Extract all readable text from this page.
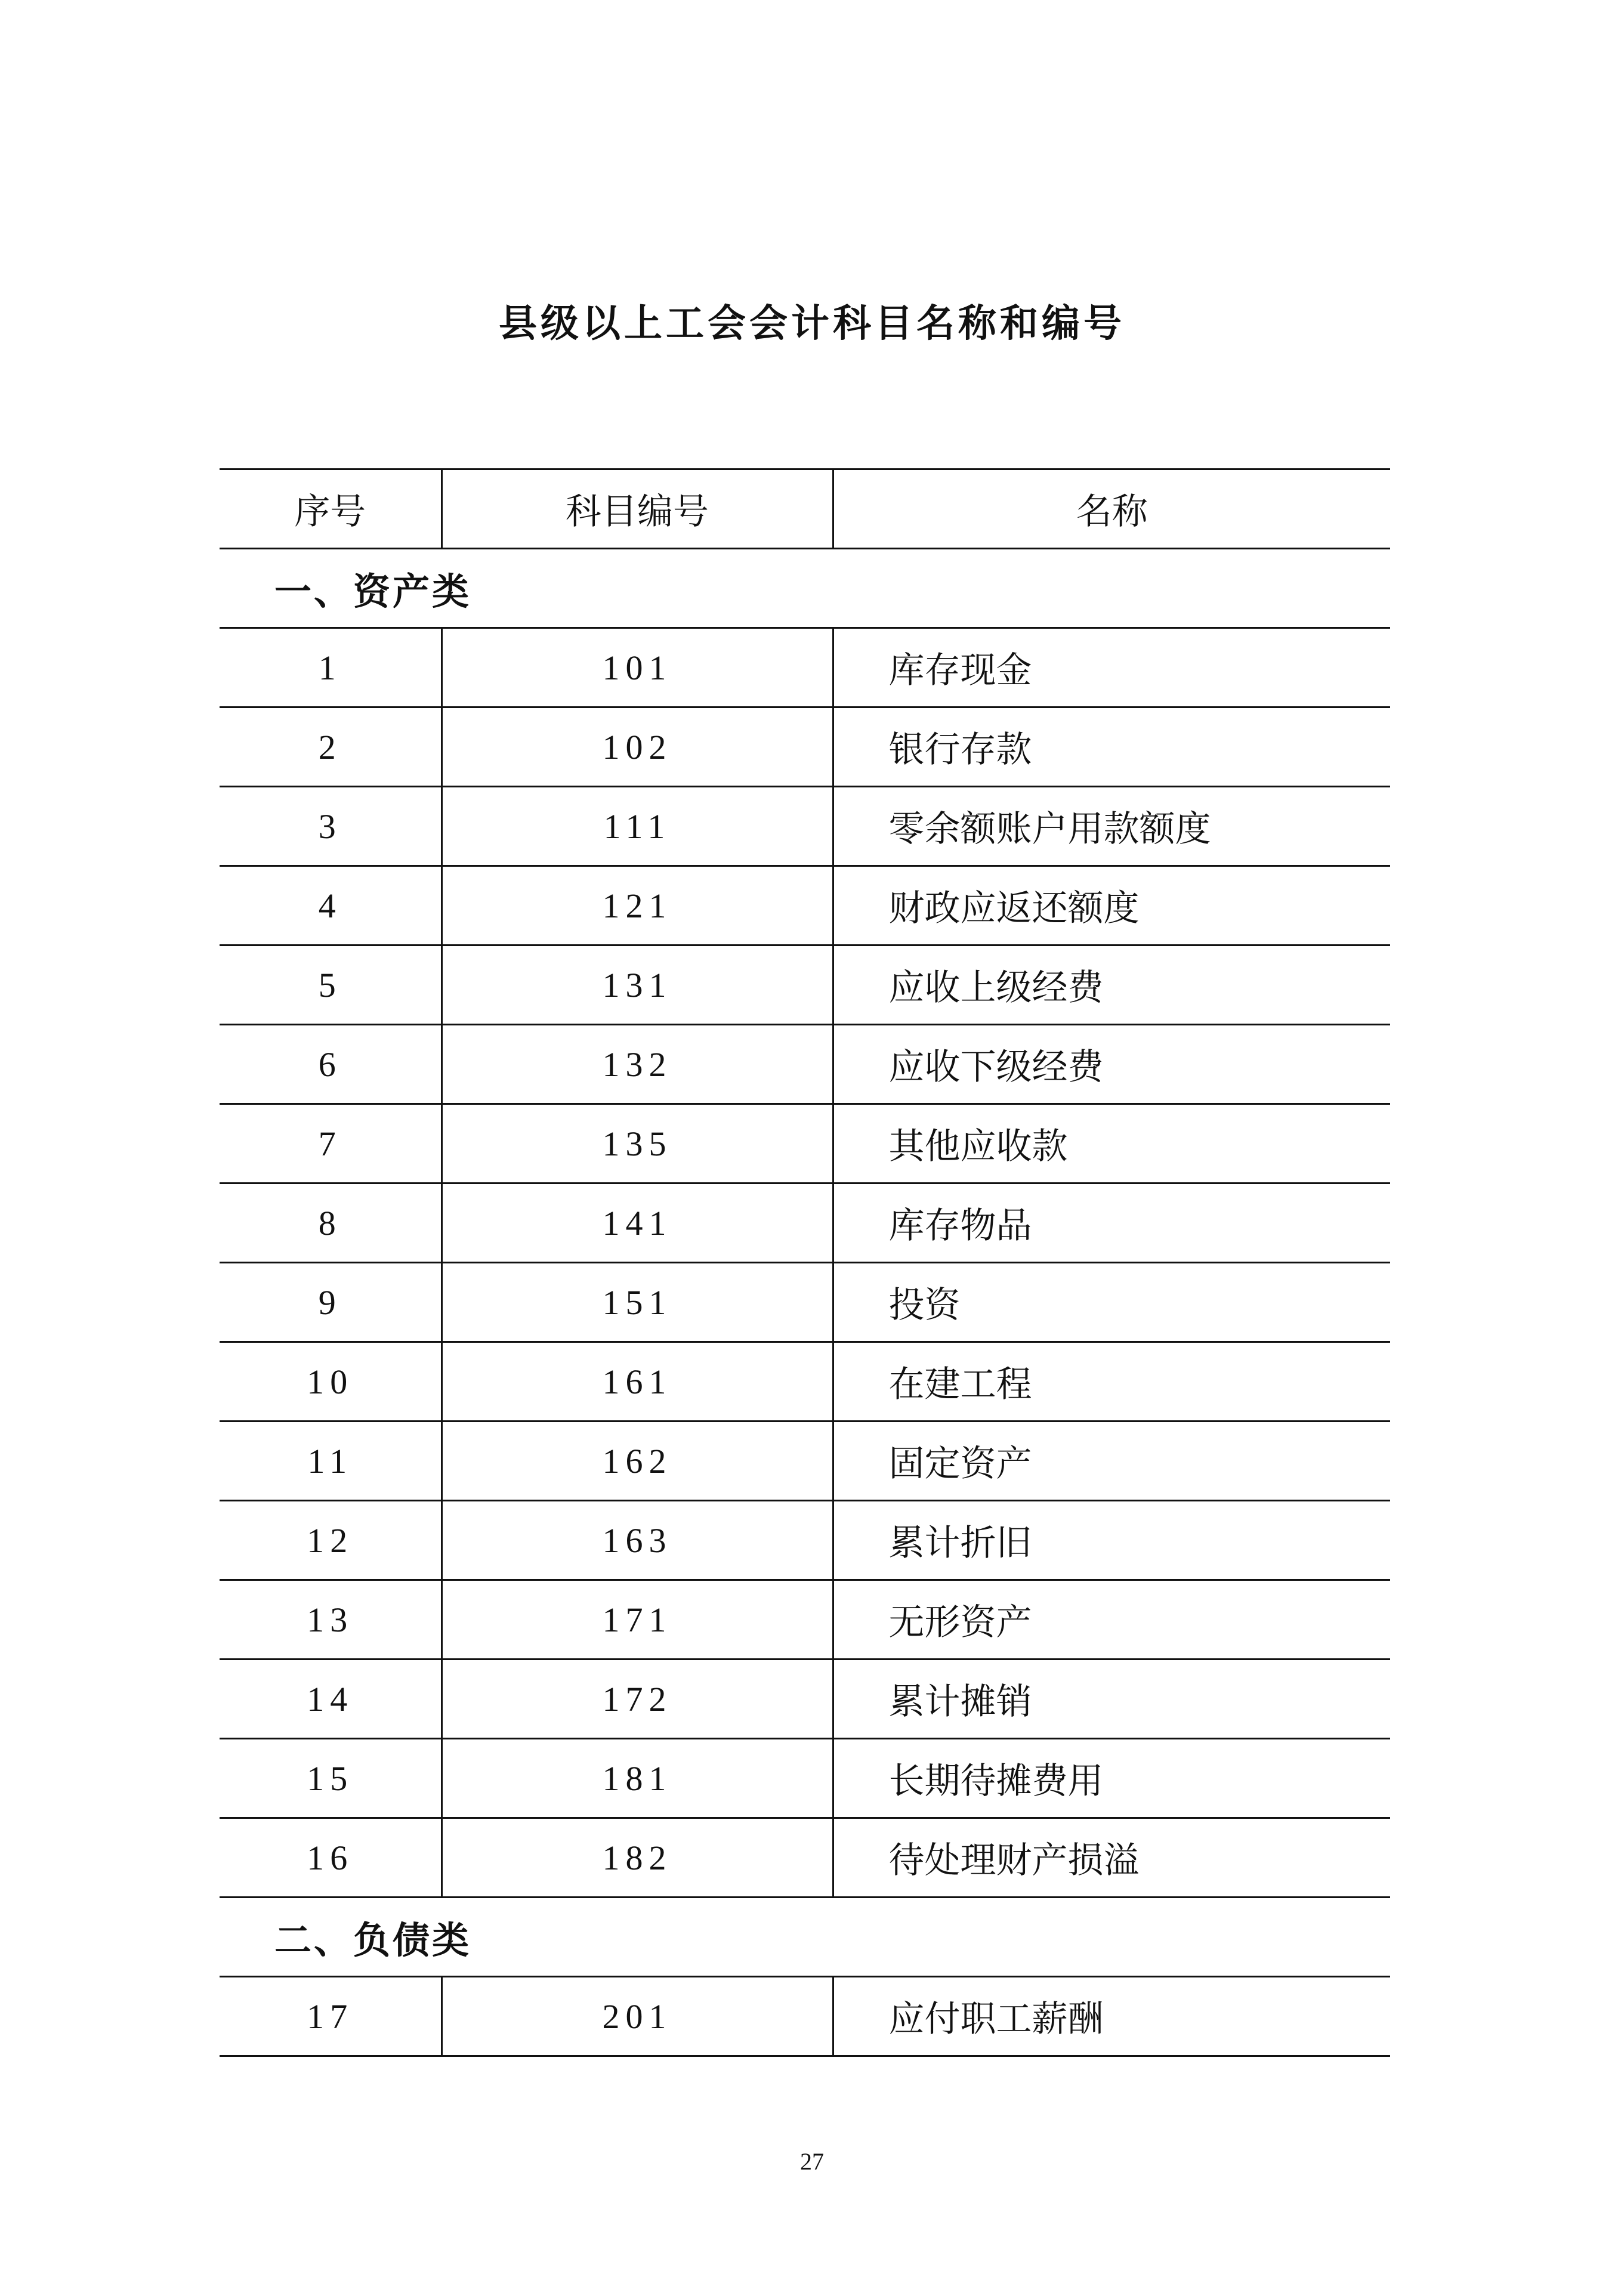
县级以上工会会计科目名称和编号
序号	科目编号	名称
一、资产类		
1	101	库存现金
2	102	银行存款
3	111	零余额账户用款额度
4	121	财政应返还额度
5	131	应收上级经费
6	132	应收下级经费
7	135	其他应收款
8	141	库存物品
9	151	投资
10	161	在建工程
11	162	固定资产
12	163	累计折旧
13	171	无形资产
14	172	累计摊销
15	181	长期待摊费用
16	182	待处理财产损溢
二、负债类		
17	201	应付职工薪酬
27
